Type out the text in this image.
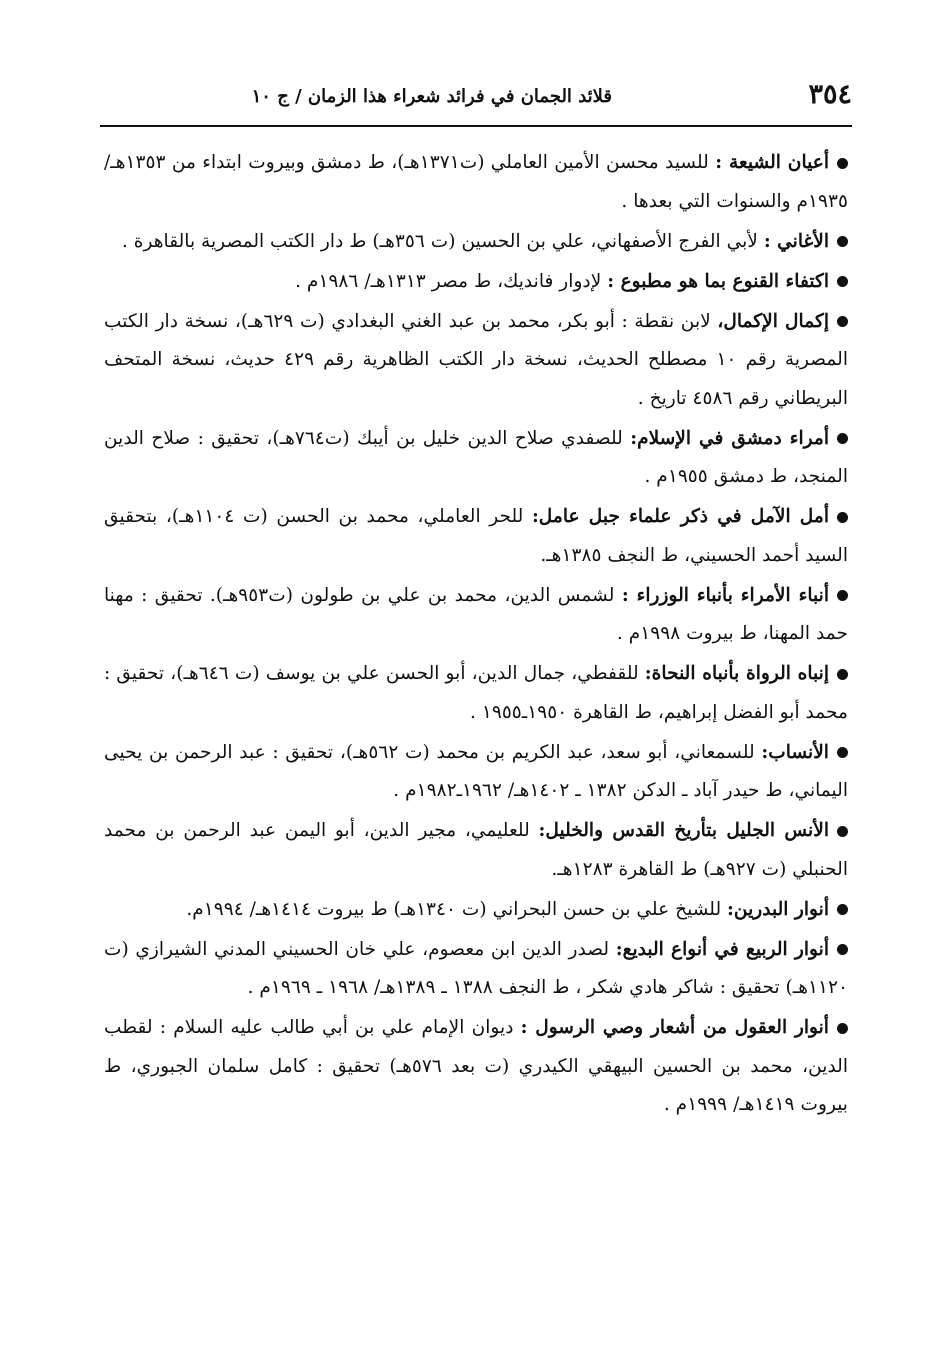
٣٥٤
قلائد الجمان في فرائد شعراء هذا الزمان / ج ١٠

أعيان الشيعة : للسيد محسن الأمين العاملي (ت١٣٧١هـ)، ط دمشق وبيروت ابتداء من ١٣٥٣هـ/ ١٩٣٥م والسنوات التي بعدها .

الأغاني : لأبي الفرج الأصفهاني، علي بن الحسين (ت ٣٥٦هـ) ط دار الكتب المصرية بالقاهرة .

اكتفاء القنوع بما هو مطبوع : لإدوار فانديك، ط مصر ١٣١٣هـ/ ١٩٨٦م .

إكمال الإكمال، لابن نقطة : أبو بكر، محمد بن عبد الغني البغدادي (ت ٦٢٩هـ)، نسخة دار الكتب المصرية رقم ١٠ مصطلح الحديث، نسخة دار الكتب الظاهرية رقم ٤٢٩ حديث، نسخة المتحف البريطاني رقم ٤٥٨٦ تاريخ .

أمراء دمشق في الإسلام: للصفدي صلاح الدين خليل بن أيبك (ت٧٦٤هـ)، تحقيق : صلاح الدين المنجد، ط دمشق ١٩٥٥م .

أمل الآمل في ذكر علماء جبل عامل: للحر العاملي، محمد بن الحسن (ت ١١٠٤هـ)، بتحقيق السيد أحمد الحسيني، ط النجف ١٣٨٥هـ.

أنباء الأمراء بأنباء الوزراء : لشمس الدين، محمد بن علي بن طولون (ت٩٥٣هـ). تحقيق : مهنا حمد المهنا، ط بيروت ١٩٩٨م .

إنباه الرواة بأنباه النحاة: للقفطي، جمال الدين، أبو الحسن علي بن يوسف (ت ٦٤٦هـ)، تحقيق : محمد أبو الفضل إبراهيم، ط القاهرة ١٩٥٠ـ١٩٥٥ .

الأنساب: للسمعاني، أبو سعد، عبد الكريم بن محمد (ت ٥٦٢هـ)، تحقيق : عبد الرحمن بن يحيى اليماني، ط حيدر آباد ـ الدكن ١٣٨٢ ـ ١٤٠٢هـ/ ١٩٦٢ـ١٩٨٢م .

الأنس الجليل بتأريخ القدس والخليل: للعليمي، مجير الدين، أبو اليمن عبد الرحمن بن محمد الحنبلي (ت ٩٢٧هـ) ط القاهرة ١٢٨٣هـ.

أنوار البدرين: للشيخ علي بن حسن البحراني (ت ١٣٤٠هـ) ط بيروت ١٤١٤هـ/ ١٩٩٤م.

أنوار الربيع في أنواع البديع: لصدر الدين ابن معصوم، علي خان الحسيني المدني الشيرازي (ت ١١٢٠هـ) تحقيق : شاكر هادي شكر ، ط النجف ١٣٨٨ ـ ١٣٨٩هـ/ ١٩٦٨ ـ ١٩٦٩م .

أنوار العقول من أشعار وصي الرسول : ديوان الإمام علي بن أبي طالب عليه السلام : لقطب الدين، محمد بن الحسين البيهقي الكيدري (ت بعد ٥٧٦هـ) تحقيق : كامل سلمان الجبوري، ط بيروت ١٤١٩هـ/ ١٩٩٩م .
